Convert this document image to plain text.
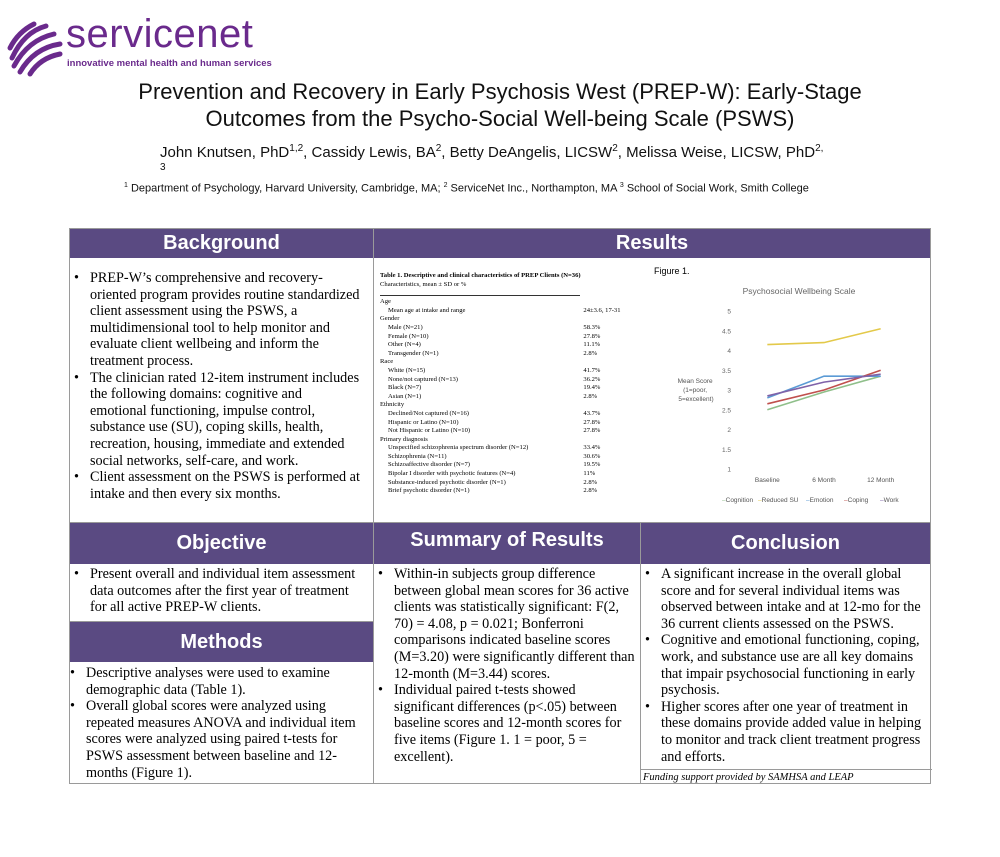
servicenet
innovative mental health and human services
Prevention and Recovery in Early Psychosis West (PREP-W): Early-Stage
Outcomes from the Psycho-Social Well-being Scale (PSWS)
John Knutsen, PhD$^{1,2}$, Cassidy Lewis, $BA^2$, Betty DeAngelis, LICSW$^2$, Melissa Weise, LICSW, PhD$^{2,}$
3
$^1$ Department of Psychology, Harvard University, Cambridge, MA; $^2$ ServiceNet Inc., Northampton, MA $^3$ School of Social Work, Smith College
Background
• PREP-W’s comprehensive and recovery-oriented program provides routine standardized client assessment using the PSWS, a multidimensional tool to help monitor and evaluate client wellbeing and inform the treatment process.
• The clinician rated 12-item instrument includes the following domains: cognitive and emotional functioning, impulse control, substance use (SU), coping skills, health, recreation, housing, immediate and extended social networks, self-care, and work.
• Client assessment on the PSWS is performed at intake and then every six months.
Results
Table 1. Descriptive and clinical characteristics of PREP Clients (N=36)
Characteristics, mean ± SD or %
Age
Mean age at intake and range	24±3.6, 17-31
Gender
Male (N=21)	58.3%
Female (N=10)	27.8%
Other (N=4)	11.1%
Transgender (N=1)	2.8%
Race
White (N=15)	41.7%
None/not captured (N=13)	36.2%
Black (N=7)	19.4%
Asian (N=1)	2.8%
Ethnicity
Declined/Not captured (N=16)	43.7%
Hispanic or Latino (N=10)	27.8%
Not Hispanic or Latino (N=10)	27.8%
Primary diagnosis
Unspecified schizophrenia spectrum disorder (N=12)	33.4%
Schizophrenia (N=11)	30.6%
Schizoaffective disorder (N=7)	19.5%
Bipolar I disorder with psychotic features (N=4)	11%
Substance-induced psychotic disorder (N=1)	2.8%
Brief psychotic disorder (N=1)	2.8%
Figure 1.
Psychosocial Wellbeing Scale
Mean Score (1=poor, 5=excellent)
1
1.5
2
2.5
3
3.5
4
4.5
5
Baseline	6 Month	12 Month
–Cognition –Reduced SU –Emotion –Coping –Work
Objective
• Present overall and individual item assessment data outcomes after the first year of treatment for all active PREP-W clients.
Methods
• Descriptive analyses were used to examine demographic data (Table 1).
• Overall global scores were analyzed using repeated measures ANOVA and individual item scores were analyzed using paired t-tests for PSWS assessment between baseline and 12-months (Figure 1).
Summary of Results
• Within-in subjects group difference between global mean scores for 36 active clients was statistically significant: F(2, 70) = 4.08, p = 0.021; Bonferroni comparisons indicated baseline scores (M=3.20) were significantly different than 12-month (M=3.44) scores.
• Individual paired t-tests showed significant differences (p<.05) between baseline scores and 12-month scores for five items (Figure 1. 1 = poor, 5 = excellent).
Conclusion
• A significant increase in the overall global score and for several individual items was observed between intake and at 12-mo for the 36 current clients assessed on the PSWS.
• Cognitive and emotional functioning, coping, work, and substance use are all key domains that impair psychosocial functioning in early psychosis.
• Higher scores after one year of treatment in these domains provide added value in helping to monitor and track client treatment progress and efforts.
Funding support provided by SAMHSA and LEAP
